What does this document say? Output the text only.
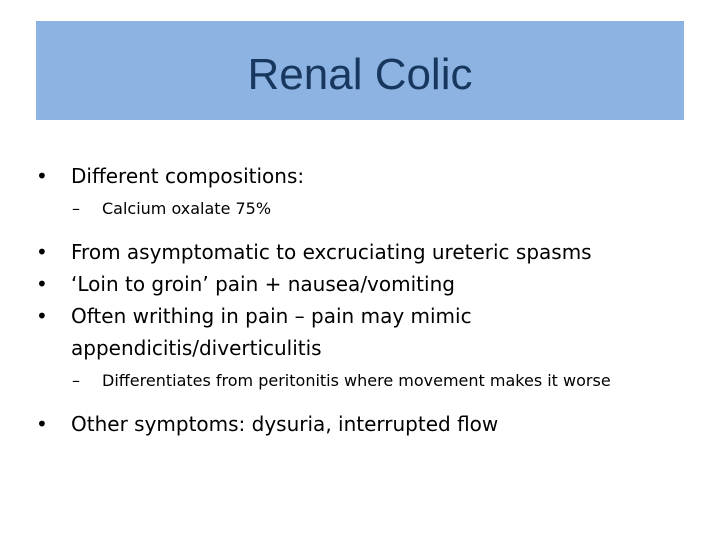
Renal Colic
• Different compositions:
– Calcium oxalate 75%
• From asymptomatic to excruciating ureteric spasms
• ‘Loin to groin’ pain + nausea/vomiting
• Often writhing in pain – pain may mimic appendicitis/diverticulitis
– Differentiates from peritonitis where movement makes it worse
• Other symptoms: dysuria, interrupted flow
